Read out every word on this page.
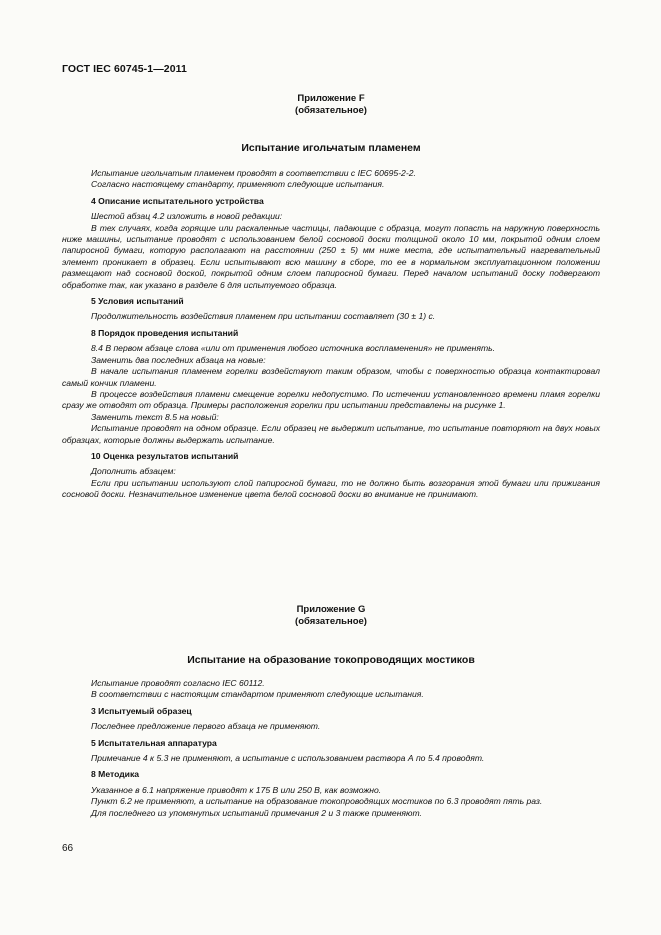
ГОСТ IEC 60745-1—2011
Приложение F
(обязательное)
Испытание игольчатым пламенем

Испытание игольчатым пламенем проводят в соответствии с IEC 60695-2-2.

Согласно настоящему стандарту, применяют следующие испытания.

4 Описание испытательного устройства

Шестой абзац 4.2 изложить в новой редакции:

В тех случаях, когда горящие или раскаленные частицы, падающие с образца, могут попасть на наружную поверхность ниже машины, испытание проводят с использованием белой сосновой доски толщиной около 10 мм, покрытой одним слоем папиросной бумаги, которую располагают на расстоянии (250 ± 5) мм ниже места, где испытательный нагревательный элемент проникает в образец. Если испытывают всю машину в сборе, то ее в нормальном эксплуатационном положении размещают над сосновой доской, покрытой одним слоем папиросной бумаги. Перед началом испытаний доску подвергают обработке так, как указано в разделе 6 для испытуемого образца.

5 Условия испытаний

Продолжительность воздействия пламенем при испытании составляет (30 ± 1) с.

8 Порядок проведения испытаний

8.4 В первом абзаце слова «или от применения любого источника воспламенения» не применять.

Заменить два последних абзаца на новые:

В начале испытания пламенем горелки воздействуют таким образом, чтобы с поверхностью образца контактировал самый кончик пламени.

В процессе воздействия пламени смещение горелки недопустимо. По истечении установленного времени пламя горелки сразу же отводят от образца. Примеры расположения горелки при испытании представлены на рисунке 1.

Заменить текст 8.5 на новый:

Испытание проводят на одном образце. Если образец не выдержит испытание, то испытание повторяют на двух новых образцах, которые должны выдержать испытание.

10 Оценка результатов испытаний

Дополнить абзацем:

Если при испытании используют слой папиросной бумаги, то не должно быть возгорания этой бумаги или прижигания сосновой доски. Незначительное изменение цвета белой сосновой доски во внимание не принимают.

Приложение G
(обязательное)
Испытание на образование токопроводящих мостиков

Испытание проводят согласно IEC 60112.

В соответствии с настоящим стандартом применяют следующие испытания.

3 Испытуемый образец

Последнее предложение первого абзаца не применяют.

5 Испытательная аппаратура

Примечание 4 к 5.3 не применяют, а испытание с использованием раствора А по 5.4 проводят.

8 Методика

Указанное в 6.1 напряжение приводят к 175 В или 250 В, как возможно.

Пункт 6.2 не применяют, а испытание на образование токопроводящих мостиков по 6.3 проводят пять раз.

Для последнего из упомянутых испытаний примечания 2 и 3 также применяют.

66
